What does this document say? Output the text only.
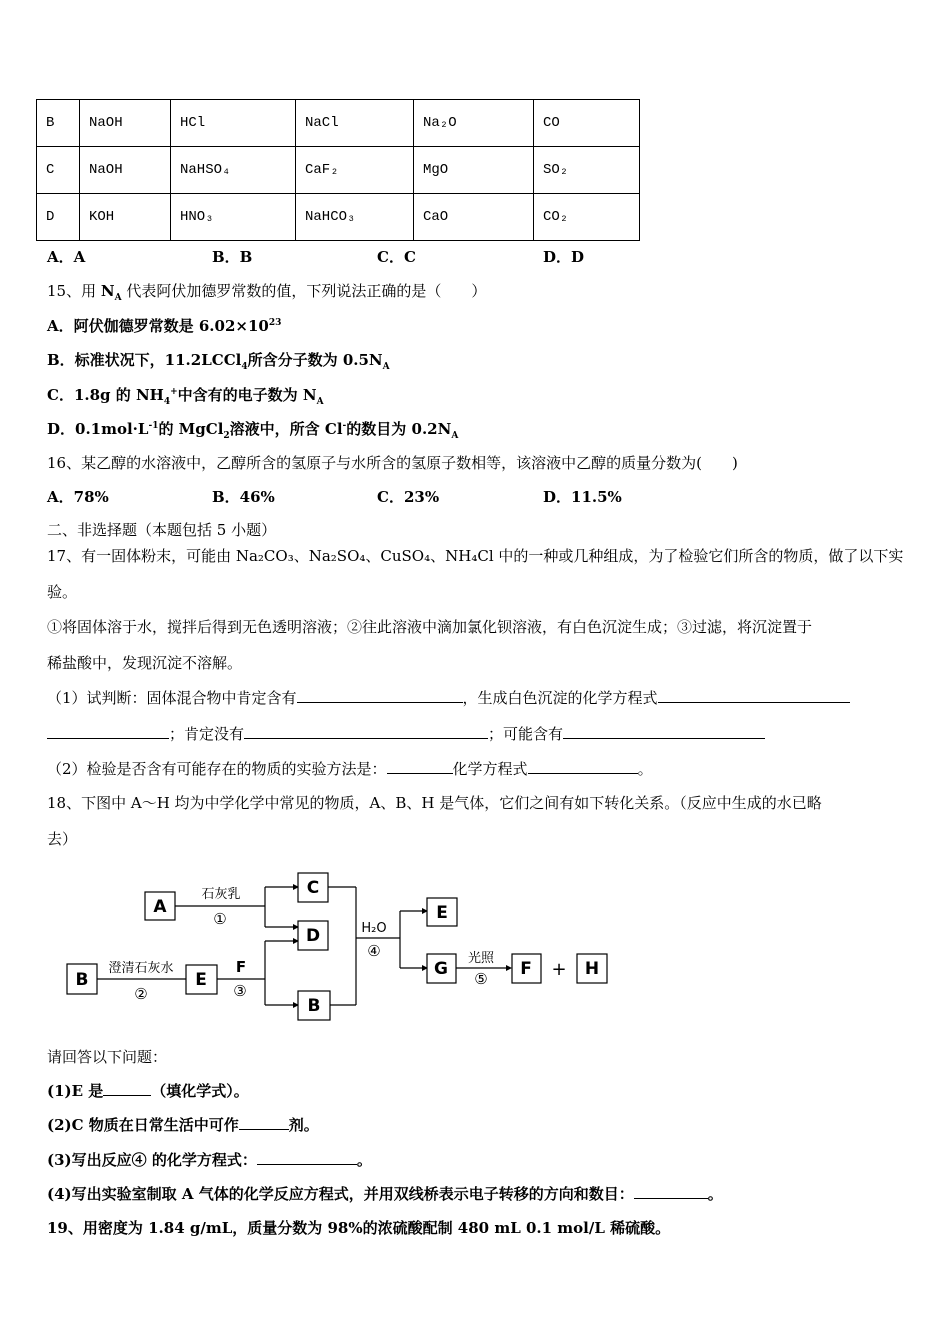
B	NaOH	HCl	NaCl	Na₂O	CO
C	NaOH	NaHSO₄	CaF₂	MgO	SO₂
D	KOH	HNO₃	NaHCO₃	CaO	CO₂
A．A	B．B	C．C	D．D
15、用 $N_A$ 代表阿伏加德罗常数的值，下列说法正确的是（　　）
A．阿伏伽德罗常数是 $6.02\times 10^{23}$
B．标准状况下，11.2LCCl$_4$所含分子数为 $0.5N_A$
C．1.8g 的 $NH_4^+$中含有的电子数为 $N_A$
D．$0.1mol\cdot L^{-1}$的 MgCl$_2$溶液中，所含 Cl-的数目为 $0.2N_A$
16、某乙醇的水溶液中，乙醇所含的氢原子与水所含的氢原子数相等，该溶液中乙醇的质量分数为(　　)
A．78%	B．46%	C．23%	D．11.5%
二、非选择题（本题包括 5 小题）
17、有一固体粉末，可能由 Na₂CO₃、Na₂SO₄、CuSO₄、NH₄Cl 中的一种或几种组成，为了检验它们所含的物质，做了以下实
验。
①将固体溶于水，搅拌后得到无色透明溶液；②往此溶液中滴加氯化钡溶液，有白色沉淀生成；③过滤，将沉淀置于
稀盐酸中，发现沉淀不溶解。
（1）试判断：固体混合物中肯定含有	，生成白色沉淀的化学方程式
；肯定没有	；可能含有
（2）检验是否含有可能存在的物质的实验方法是：	化学方程式	。
18、下图中 A～H 均为中学化学中常见的物质，A、B、H 是气体，它们之间有如下转化关系。（反应中生成的水已略
去）
A
B	E
C
D
B
E
G	F	H
石灰乳
①
澄清石灰水
②
F
③
H₂O
④	光照
⑤	+
请回答以下问题：
(1)E 是	（填化学式）。
(2)C 物质在日常生活中可作	剂。
(3)写出反应④ 的化学方程式：	。
(4)写出实验室制取 A 气体的化学反应方程式，并用双线桥表示电子转移的方向和数目：	。
19、用密度为 1.84 g/mL，质量分数为 98%的浓硫酸配制 480 mL 0.1 mol/L 稀硫酸。
